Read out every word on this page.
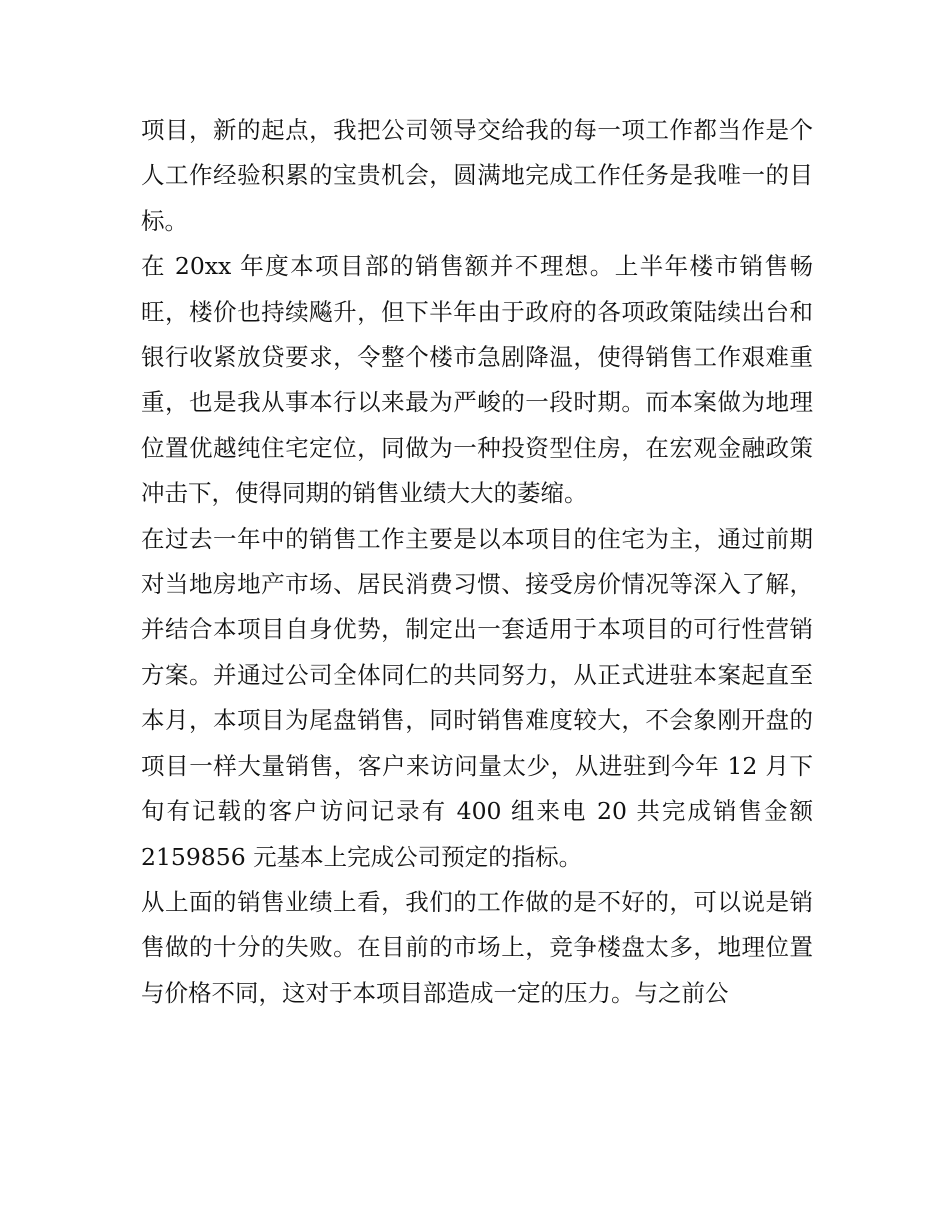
项目，新的起点，我把公司领导交给我的每一项工作都当作是个人工作经验积累的宝贵机会，圆满地完成工作任务是我唯一的目标。

在 20xx 年度本项目部的销售额并不理想。上半年楼市销售畅旺，楼价也持续飚升，但下半年由于政府的各项政策陆续出台和银行收紧放贷要求，令整个楼市急剧降温，使得销售工作艰难重重，也是我从事本行以来最为严峻的一段时期。而本案做为地理位置优越纯住宅定位，同做为一种投资型住房，在宏观金融政策冲击下，使得同期的销售业绩大大的萎缩。

在过去一年中的销售工作主要是以本项目的住宅为主，通过前期对当地房地产市场、居民消费习惯、接受房价情况等深入了解，并结合本项目自身优势，制定出一套适用于本项目的可行性营销方案。并通过公司全体同仁的共同努力，从正式进驻本案起直至本月，本项目为尾盘销售，同时销售难度较大，不会象刚开盘的项目一样大量销售，客户来访问量太少，从进驻到今年 12 月下旬有记载的客户访问记录有 400 组来电 20 共完成销售金额 2159856 元基本上完成公司预定的指标。

从上面的销售业绩上看，我们的工作做的是不好的，可以说是销售做的十分的失败。在目前的市场上，竞争楼盘太多，地理位置与价格不同，这对于本项目部造成一定的压力。与之前公
